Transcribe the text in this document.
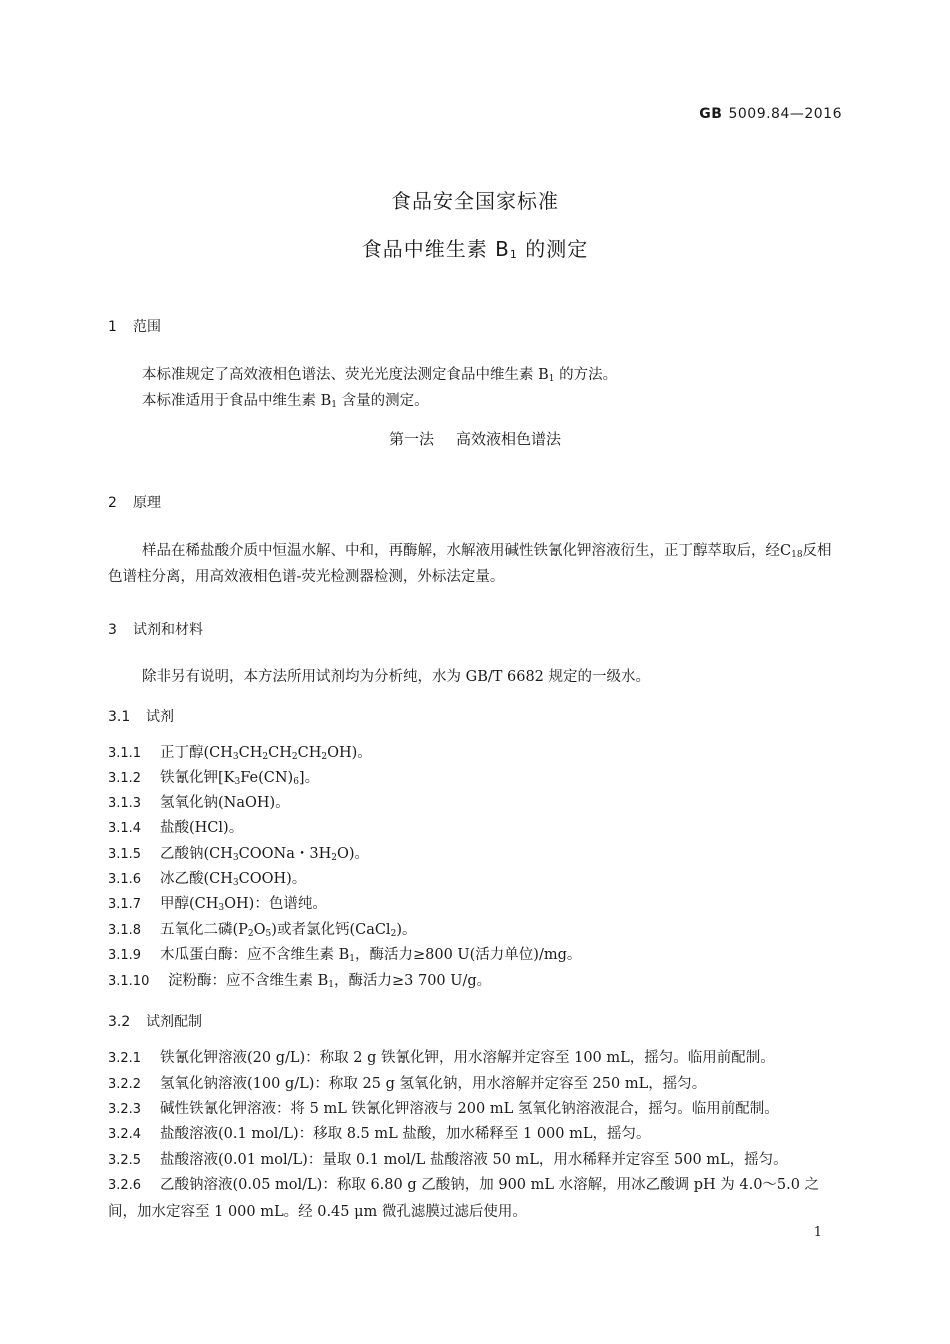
GB 5009.84—2016
食品安全国家标准
食品中维生素 $B_1$ 的测定
1 范围
本标准规定了高效液相色谱法、荧光光度法测定食品中维生素 $B_1$ 的方法。
本标准适用于食品中维生素 $B_1$ 含量的测定。
第一法 高效液相色谱法
2 原理
样品在稀盐酸介质中恒温水解、中和，再酶解，水解液用碱性铁氰化钾溶液衍生，正丁醇萃取后，经$C_{18}$反相色谱柱分离，用高效液相色谱-荧光检测器检测，外标法定量。
3 试剂和材料
除非另有说明，本方法所用试剂均为分析纯，水为 GB/T 6682 规定的一级水。
3.1 试剂
3.1.1 正丁醇$(CH_3CH_2CH_2CH_2OH)$。
3.1.2 铁氰化钾$[K_3Fe(CN)_6]$。
3.1.3 氢氧化钠(NaOH)。
3.1.4 盐酸(HCl)。
3.1.5 乙酸钠($CH_3COONa$・$3H_2O$)。
3.1.6 冰乙酸$(CH_3COOH)$。
3.1.7 甲醇$(CH_3OH)$：色谱纯。
3.1.8 五氧化二磷$(P_2O_5)$或者氯化钙(CaCl$_2$)。
3.1.9 木瓜蛋白酶：应不含维生素 $B_1$，酶活力≥800 U(活力单位)/mg。
3.1.10 淀粉酶：应不含维生素 $B_1$，酶活力≥3 700 U/g。
3.2 试剂配制
3.2.1 铁氰化钾溶液(20 g/L)：称取 2 g 铁氰化钾，用水溶解并定容至 100 mL，摇匀。临用前配制。
3.2.2 氢氧化钠溶液(100 g/L)：称取 25 g 氢氧化钠，用水溶解并定容至 250 mL，摇匀。
3.2.3 碱性铁氰化钾溶液：将 5 mL 铁氰化钾溶液与 200 mL 氢氧化钠溶液混合，摇匀。临用前配制。
3.2.4 盐酸溶液(0.1 mol/L)：移取 8.5 mL 盐酸，加水稀释至 1 000 mL，摇匀。
3.2.5 盐酸溶液(0.01 mol/L)：量取 0.1 mol/L 盐酸溶液 50 mL，用水稀释并定容至 500 mL，摇匀。
3.2.6 乙酸钠溶液(0.05 mol/L)：称取 6.80 g 乙酸钠，加 900 mL 水溶解，用冰乙酸调 pH 为 4.0～5.0 之间，加水定容至 1 000 mL。经 0.45 μm 微孔滤膜过滤后使用。
1
